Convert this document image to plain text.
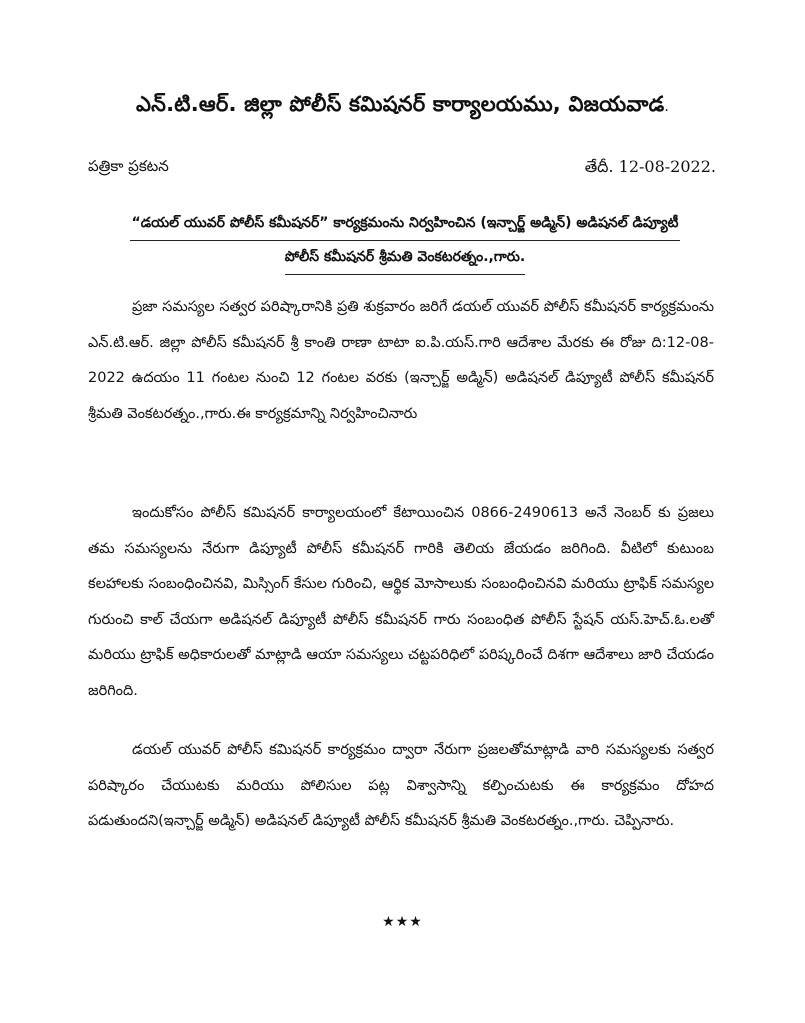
ఎన్.టి.ఆర్. జిల్లా పోలీస్ కమిషనర్ కార్యాలయము, విజయవాడ.
పత్రికా ప్రకటన	తేదీ. 12-08-2022.
“డయల్ యువర్ పోలీస్ కమీషనర్” కార్యక్రమంను నిర్వహించిన (ఇన్చార్జ్ అడ్మిన్) అడిషనల్ డిప్యూటీ
పోలీస్ కమీషనర్ శ్రీమతి వెంకటరత్నం.,గారు.
ప్రజా సమస్యల సత్వర పరిష్కారానికి ప్రతి శుక్రవారం జరిగే డయల్ యువర్ పోలీస్ కమీషనర్ కార్యక్రమంను ఎన్.టి.ఆర్. జిల్లా పోలీస్ కమీషనర్ శ్రీ కాంతి రాణా టాటా ఐ.పి.యస్.గారి ఆదేశాల మేరకు ఈ రోజు ది:12-08-2022 ఉదయం 11 గంటల నుంచి 12 గంటల వరకు (ఇన్చార్జ్ అడ్మిన్) అడిషనల్ డిప్యూటీ పోలీస్ కమీషనర్ శ్రీమతి వెంకటరత్నం.,గారు.ఈ కార్యక్రమాన్ని నిర్వహించినారు
ఇందుకోసం పోలీస్ కమిషనర్ కార్యాలయంలో కేటాయించిన 0866-2490613 అనే నెంబర్ కు ప్రజలు తమ సమస్యలను నేరుగా డిప్యూటీ పోలీస్ కమీషనర్ గారికి తెలియ జేయడం జరిగింది. వీటిలో కుటుంబ కలహాలకు సంబంధించినవి, మిస్సింగ్ కేసుల గురించి, ఆర్థిక మోసాలుకు సంబంధించినవి మరియు ట్రాఫిక్ సమస్యల గురుంచి కాల్ చేయగా అడిషనల్ డిప్యూటీ పోలీస్ కమీషనర్ గారు సంబంధిత పోలీస్ స్టేషన్ యస్.హెచ్.ఓ.లతో మరియు ట్రాఫిక్ అధికారులతో మాట్లాడి ఆయా సమస్యలు చట్టపరిధిలో పరిష్కరించే దిశగా ఆదేశాలు జారి చేయడం జరిగింది.
డయల్ యువర్ పోలీస్ కమిషనర్ కార్యక్రమం ద్వారా నేరుగా ప్రజలతోమాట్లాడి వారి సమస్యలకు సత్వర పరిష్కారం చేయుటకు మరియు పోలిసుల పట్ల విశ్వాసాన్ని కల్పించుటకు ఈ కార్యక్రమం దోహద పడుతుందని(ఇన్చార్జ్ అడ్మిన్) అడిషనల్ డిప్యూటీ పోలీస్ కమీషనర్ శ్రీమతి వెంకటరత్నం.,గారు. చెప్పినారు.
★★★
